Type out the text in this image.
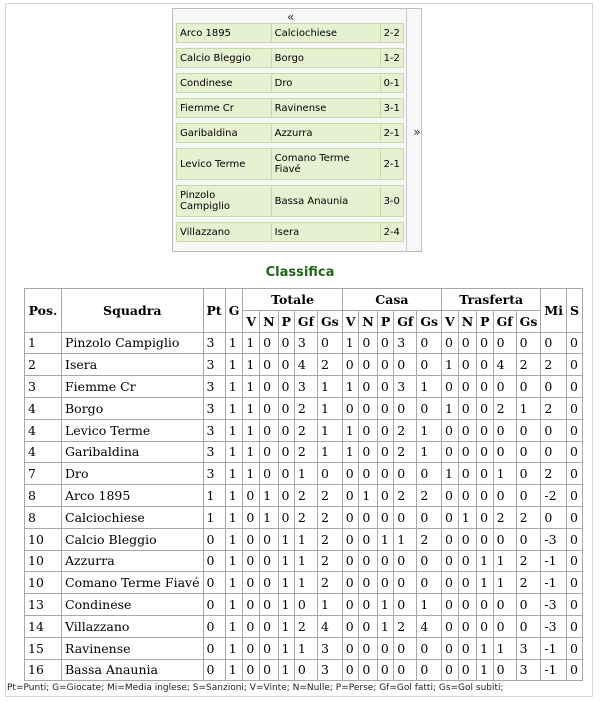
«
»
Arco 1895	Calciochiese	2-2

Calcio Bleggio	Borgo	1-2

Condinese	Dro	0-1

Fiemme Cr	Ravinense	3-1

Garibaldina	Azzurra	2-1

Levico Terme	Comano Terme Fiavé	2-1

Pinzolo Campiglio	Bassa Anaunia	3-0

Villazzano	Isera	2-4
Classifica
Pos.	Squadra	Pt	G	Totale					Casa					Trasferta					Mi	S
				V	N	P	Gf	Gs	V	N	P	Gf	Gs	V	N	P	Gf	Gs		
1	Pinzolo Campiglio	3	1	1	0	0	3	0	1	0	0	3	0	0	0	0	0	0	0	0
2	Isera	3	1	1	0	0	4	2	0	0	0	0	0	1	0	0	4	2	2	0
3	Fiemme Cr	3	1	1	0	0	3	1	1	0	0	3	1	0	0	0	0	0	0	0
4	Borgo	3	1	1	0	0	2	1	0	0	0	0	0	1	0	0	2	1	2	0
4	Levico Terme	3	1	1	0	0	2	1	1	0	0	2	1	0	0	0	0	0	0	0
4	Garibaldina	3	1	1	0	0	2	1	1	0	0	2	1	0	0	0	0	0	0	0
7	Dro	3	1	1	0	0	1	0	0	0	0	0	0	1	0	0	1	0	2	0
8	Arco 1895	1	1	0	1	0	2	2	0	1	0	2	2	0	0	0	0	0	-2	0
8	Calciochiese	1	1	0	1	0	2	2	0	0	0	0	0	0	1	0	2	2	0	0
10	Calcio Bleggio	0	1	0	0	1	1	2	0	0	1	1	2	0	0	0	0	0	-3	0
10	Azzurra	0	1	0	0	1	1	2	0	0	0	0	0	0	0	1	1	2	-1	0
10	Comano Terme Fiavé	0	1	0	0	1	1	2	0	0	0	0	0	0	0	1	1	2	-1	0
13	Condinese	0	1	0	0	1	0	1	0	0	1	0	1	0	0	0	0	0	-3	0
14	Villazzano	0	1	0	0	1	2	4	0	0	1	2	4	0	0	0	0	0	-3	0
15	Ravinense	0	1	0	0	1	1	3	0	0	0	0	0	0	0	1	1	3	-1	0
16	Bassa Anaunia	0	1	0	0	1	0	3	0	0	0	0	0	0	0	1	0	3	-1	0
Pt=Punti; G=Giocate; Mi=Media inglese; S=Sanzioni; V=Vinte; N=Nulle; P=Perse; Gf=Gol fatti; Gs=Gol subiti;
